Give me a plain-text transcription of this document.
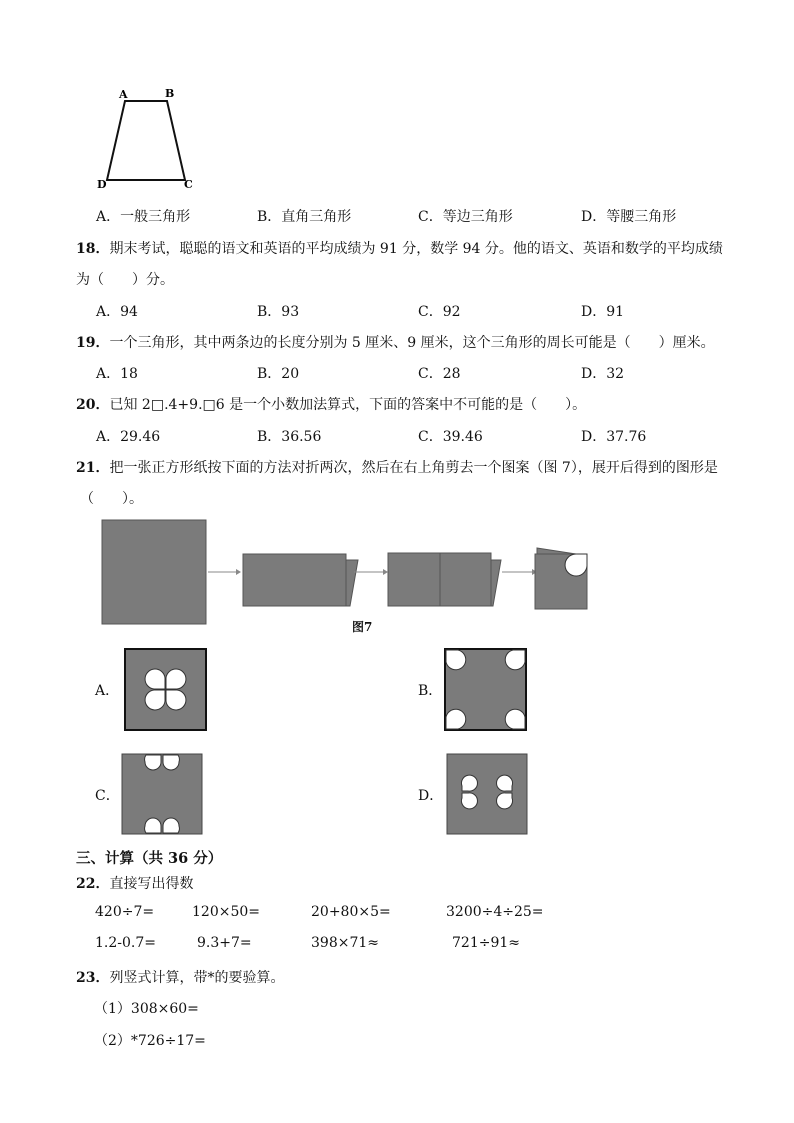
A	B
D	C
A．一般三角形	B．直角三角形	C．等边三角形	D．等腰三角形
18．期末考试，聪聪的语文和英语的平均成绩为 91 分，数学 94 分。他的语文、英语和数学的平均成绩
为（　　）分。
A．94	B．93	C．92	D．91
19．一个三角形，其中两条边的长度分别为 5 厘米、9 厘米，这个三角形的周长可能是（　　）厘米。
A．18	B．20	C．28	D．32
20．已知 2□.4+9.□6 是一个小数加法算式，下面的答案中不可能的是（　　）。
A．29.46	B．36.56	C．39.46	D．37.76
21．把一张正方形纸按下面的方法对折两次，然后在右上角剪去一个图案（图 7），展开后得到的图形是
（　　）。
图7
A．	B．
C．	D．
三、计算（共 36 分）
22．直接写出得数
420÷7=	120×50=	20+80×5=	3200÷4÷25=
1.2-0.7=	9.3+7=	398×71≈	721÷91≈
23．列竖式计算，带*的要验算。
（1）308×60=
（2）*726÷17=
